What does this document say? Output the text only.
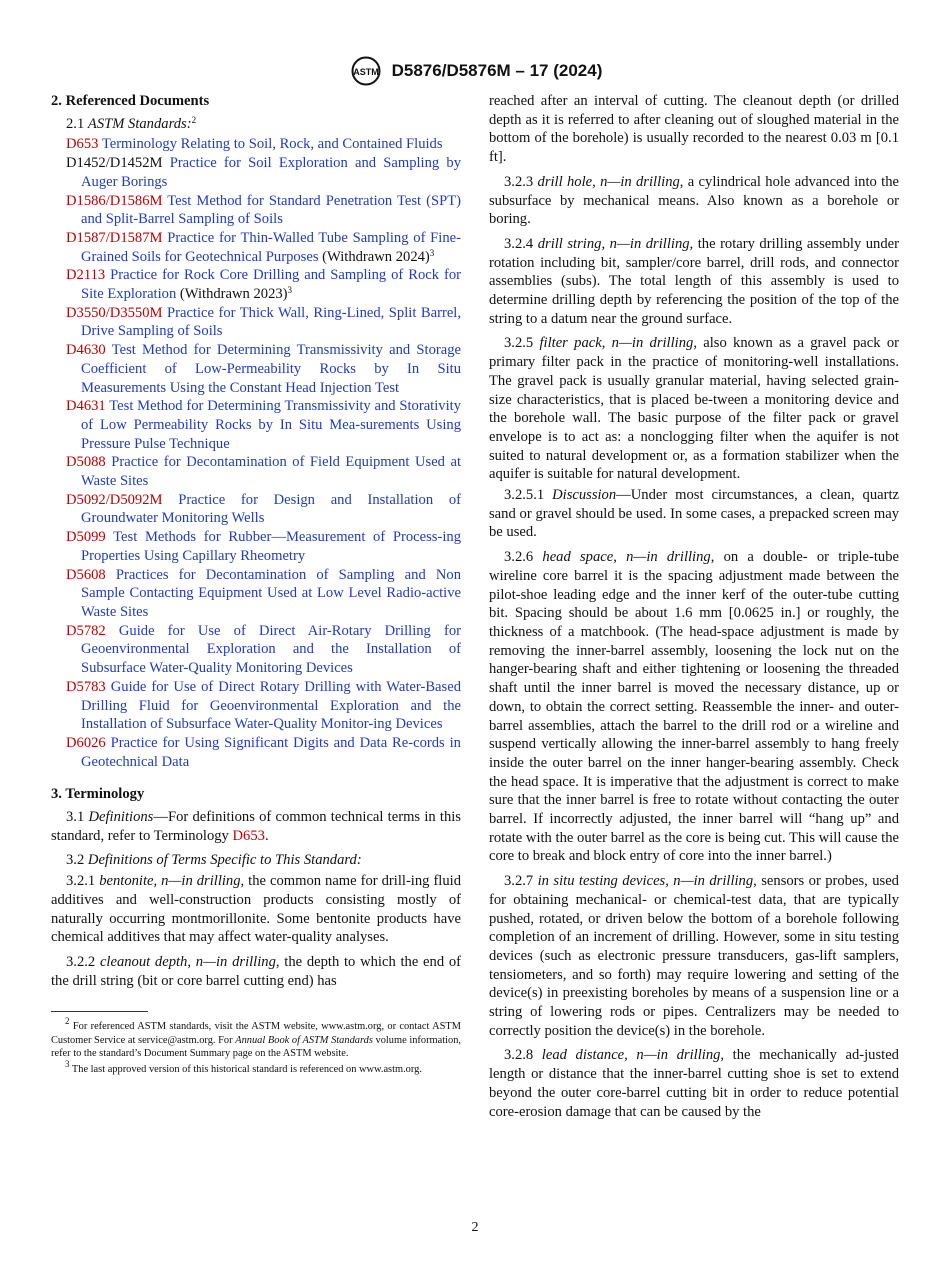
ASTM D5876/D5876M – 17 (2024)
2. Referenced Documents

2.1 ASTM Standards:$^2$

D653 Terminology Relating to Soil, Rock, and Contained Fluids

D1452/D1452M Practice for Soil Exploration and Sampling by Auger Borings

D1586/D1586M Test Method for Standard Penetration Test (SPT) and Split-Barrel Sampling of Soils

D1587/D1587M Practice for Thin-Walled Tube Sampling of Fine-Grained Soils for Geotechnical Purposes (Withdrawn 2024)$^3$

D2113 Practice for Rock Core Drilling and Sampling of Rock for Site Exploration (Withdrawn 2023)$^3$

D3550/D3550M Practice for Thick Wall, Ring-Lined, Split Barrel, Drive Sampling of Soils

D4630 Test Method for Determining Transmissivity and Storage Coefficient of Low-Permeability Rocks by In Situ Measurements Using the Constant Head Injection Test

D4631 Test Method for Determining Transmissivity and Storativity of Low Permeability Rocks by In Situ Mea-surements Using Pressure Pulse Technique

D5088 Practice for Decontamination of Field Equipment Used at Waste Sites

D5092/D5092M Practice for Design and Installation of Groundwater Monitoring Wells

D5099 Test Methods for Rubber—Measurement of Process-ing Properties Using Capillary Rheometry

D5608 Practices for Decontamination of Sampling and Non Sample Contacting Equipment Used at Low Level Radio-active Waste Sites

D5782 Guide for Use of Direct Air-Rotary Drilling for Geoenvironmental Exploration and the Installation of Subsurface Water-Quality Monitoring Devices

D5783 Guide for Use of Direct Rotary Drilling with Water-Based Drilling Fluid for Geoenvironmental Exploration and the Installation of Subsurface Water-Quality Monitor-ing Devices

D6026 Practice for Using Significant Digits and Data Re-cords in Geotechnical Data

3. Terminology

3.1 Definitions—For definitions of common technical terms in this standard, refer to Terminology D653.

3.2 Definitions of Terms Specific to This Standard:

3.2.1 bentonite, n—in drilling, the common name for drill-ing fluid additives and well-construction products consisting mostly of naturally occurring montmorillonite. Some bentonite products have chemical additives that may affect water-quality analyses.

3.2.2 cleanout depth, n—in drilling, the depth to which the end of the drill string (bit or core barrel cutting end) has

$^2$ For referenced ASTM standards, visit the ASTM website, www.astm.org, or contact ASTM Customer Service at service@astm.org. For Annual Book of ASTM Standards volume information, refer to the standard’s Document Summary page on the ASTM website.

$^3$ The last approved version of this historical standard is referenced on www.astm.org.

reached after an interval of cutting. The cleanout depth (or drilled depth as it is referred to after cleaning out of sloughed material in the bottom of the borehole) is usually recorded to the nearest 0.03 m [0.1 ft].

3.2.3 drill hole, n—in drilling, a cylindrical hole advanced into the subsurface by mechanical means. Also known as a borehole or boring.

3.2.4 drill string, n—in drilling, the rotary drilling assembly under rotation including bit, sampler/core barrel, drill rods, and connector assemblies (subs). The total length of this assembly is used to determine drilling depth by referencing the position of the top of the string to a datum near the ground surface.

3.2.5 filter pack, n—in drilling, also known as a gravel pack or primary filter pack in the practice of monitoring-well installations. The gravel pack is usually granular material, having selected grain-size characteristics, that is placed be-tween a monitoring device and the borehole wall. The basic purpose of the filter pack or gravel envelope is to act as: a nonclogging filter when the aquifer is not suited to natural development or, as a formation stabilizer when the aquifer is suitable for natural development.

3.2.5.1 Discussion—Under most circumstances, a clean, quartz sand or gravel should be used. In some cases, a prepacked screen may be used.

3.2.6 head space, n—in drilling, on a double- or triple-tube wireline core barrel it is the spacing adjustment made between the pilot-shoe leading edge and the inner kerf of the outer-tube cutting bit. Spacing should be about 1.6 mm [0.0625 in.] or roughly, the thickness of a matchbook. (The head-space adjustment is made by removing the inner-barrel assembly, loosening the lock nut on the hanger-bearing shaft and either tightening or loosening the threaded shaft until the inner barrel is moved the necessary distance, up or down, to obtain the correct setting. Reassemble the inner- and outer-barrel assemblies, attach the barrel to the drill rod or a wireline and suspend vertically allowing the inner-barrel assembly to hang freely inside the outer barrel on the inner hanger-bearing assembly. Check the head space. It is imperative that the adjustment is correct to make sure that the inner barrel is free to rotate without contacting the outer barrel. If incorrectly adjusted, the inner barrel will “hang up” and rotate with the outer barrel as the core is being cut. This will cause the core to break and block entry of core into the inner barrel.)

3.2.7 in situ testing devices, n—in drilling, sensors or probes, used for obtaining mechanical- or chemical-test data, that are typically pushed, rotated, or driven below the bottom of a borehole following completion of an increment of drilling. However, some in situ testing devices (such as electronic pressure transducers, gas-lift samplers, tensiometers, and so forth) may require lowering and setting of the device(s) in preexisting boreholes by means of a suspension line or a string of lowering rods or pipes. Centralizers may be needed to correctly position the device(s) in the borehole.

3.2.8 lead distance, n—in drilling, the mechanically ad-justed length or distance that the inner-barrel cutting shoe is set to extend beyond the outer core-barrel cutting bit in order to reduce potential core-erosion damage that can be caused by the

2
